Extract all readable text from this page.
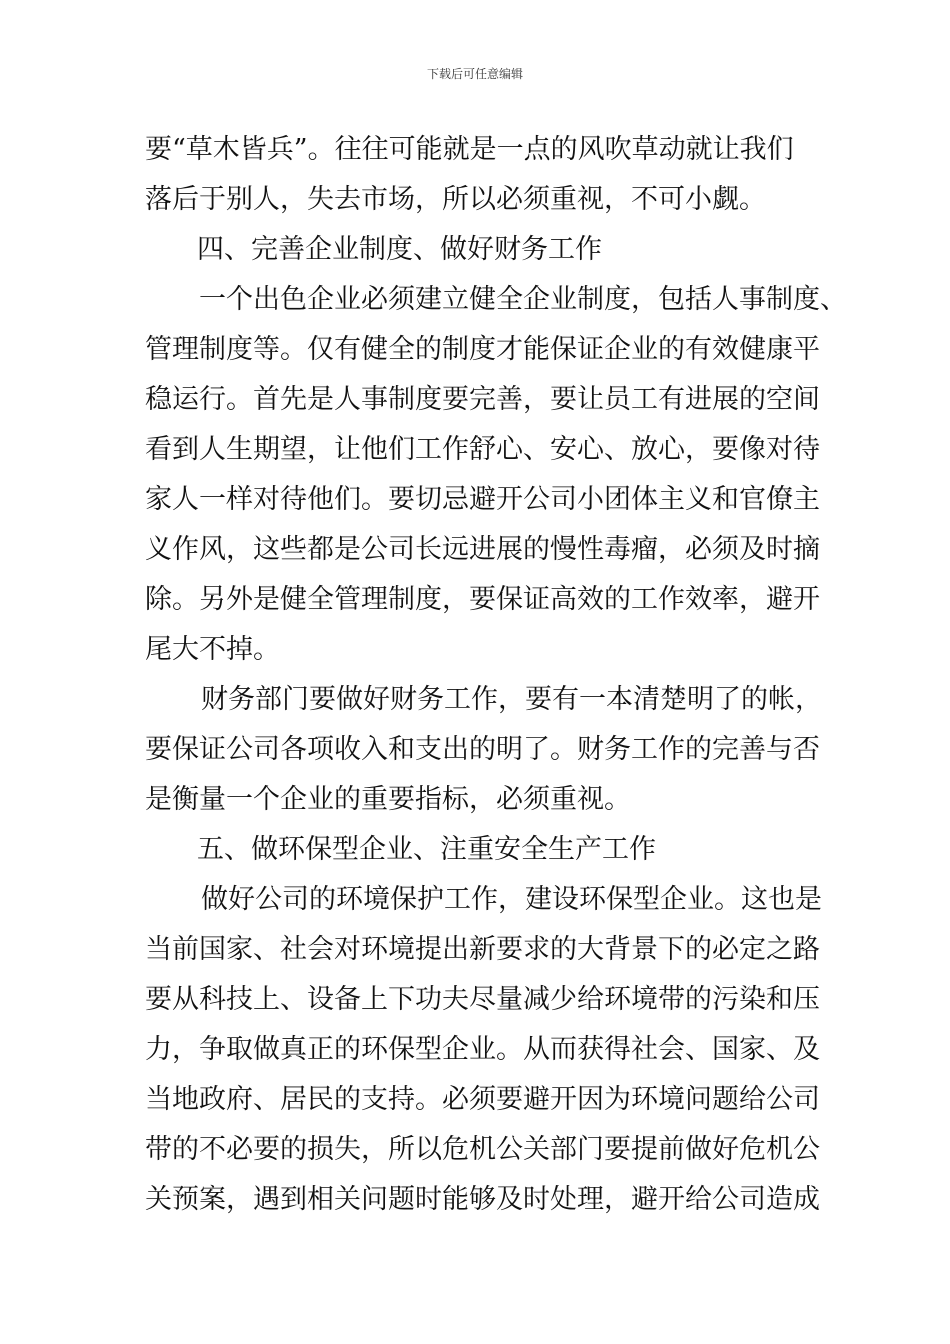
下载后可任意编辑
要“草木皆兵”。往往可能就是一点的风吹草动就让我们
落后于别人，失去市场，所以必须重视，不可小觑。
四、完善企业制度、做好财务工作
一个出色企业必须建立健全企业制度，包括人事制度、
管理制度等。仅有健全的制度才能保证企业的有效健康平
稳运行。首先是人事制度要完善，要让员工有进展的空间
看到人生期望，让他们工作舒心、安心、放心，要像对待
家人一样对待他们。要切忌避开公司小团体主义和官僚主
义作风，这些都是公司长远进展的慢性毒瘤，必须及时摘
除。另外是健全管理制度，要保证高效的工作效率，避开
尾大不掉。
财务部门要做好财务工作，要有一本清楚明了的帐，
要保证公司各项收入和支出的明了。财务工作的完善与否
是衡量一个企业的重要指标，必须重视。
五、做环保型企业、注重安全生产工作
做好公司的环境保护工作，建设环保型企业。这也是
当前国家、社会对环境提出新要求的大背景下的必定之路
要从科技上、设备上下功夫尽量减少给环境带的污染和压
力，争取做真正的环保型企业。从而获得社会、国家、及
当地政府、居民的支持。必须要避开因为环境问题给公司
带的不必要的损失，所以危机公关部门要提前做好危机公
关预案，遇到相关问题时能够及时处理，避开给公司造成
